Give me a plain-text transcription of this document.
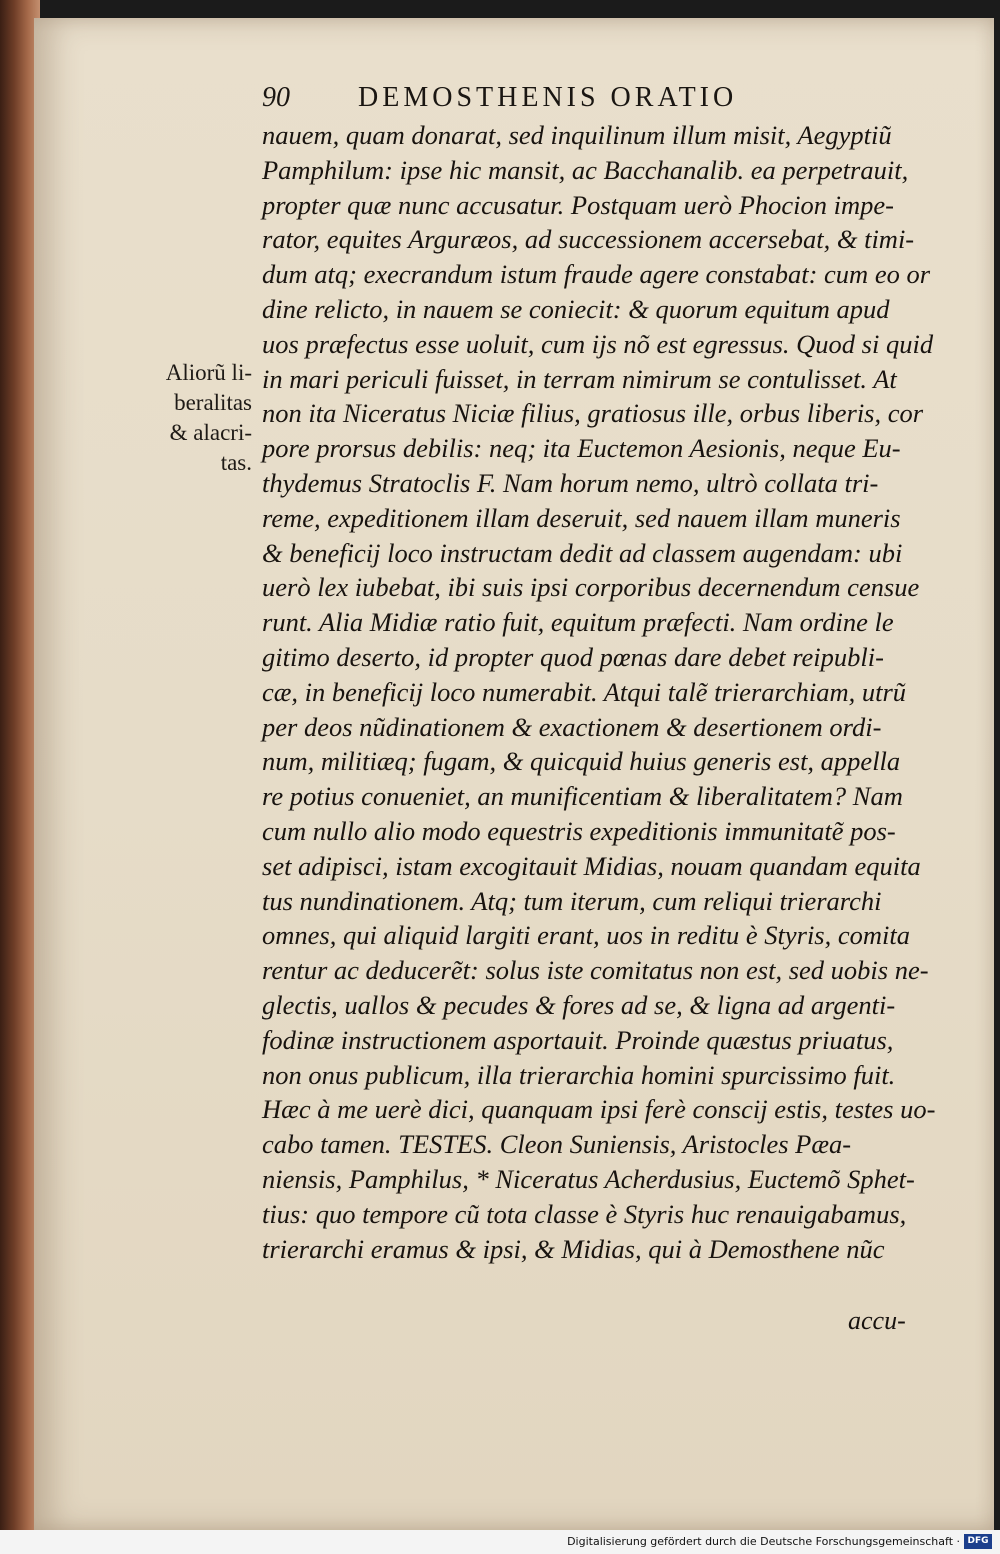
90 DEMOSTHENIS ORATIO
Aliorũ li-
beralitas
& alacri-
tas.
nauem, quam donarat, sed inquilinum illum misit, Aegyptiũ
Pamphilum: ipse hic mansit, ac Bacchanalib. ea perpetrauit,
propter quæ nunc accusatur. Postquam uerò Phocion impe-
rator, equites Arguræos, ad successionem accersebat, & timi-
dum atq; execrandum istum fraude agere constabat: cum eo or
dine relicto, in nauem se coniecit: & quorum equitum apud
uos præfectus esse uoluit, cum ijs nõ est egressus. Quod si quid
in mari periculi fuisset, in terram nimirum se contulisset. At
non ita Niceratus Niciæ filius, gratiosus ille, orbus liberis, cor
pore prorsus debilis: neq; ita Euctemon Aesionis, neque Eu-
thydemus Stratoclis F. Nam horum nemo, ultrò collata tri-
reme, expeditionem illam deseruit, sed nauem illam muneris
& beneficij loco instructam dedit ad classem augendam: ubi
uerò lex iubebat, ibi suis ipsi corporibus decernendum censue
runt. Alia Midiæ ratio fuit, equitum præfecti. Nam ordine le
gitimo deserto, id propter quod pœnas dare debet reipubli-
cæ, in beneficij loco numerabit. Atqui talẽ trierarchiam, utrũ
per deos nũdinationem & exactionem & desertionem ordi-
num, militiæq; fugam, & quicquid huius generis est, appella
re potius conueniet, an munificentiam & liberalitatem? Nam
cum nullo alio modo equestris expeditionis immunitatẽ pos-
set adipisci, istam excogitauit Midias, nouam quandam equita
tus nundinationem. Atq; tum iterum, cum reliqui trierarchi
omnes, qui aliquid largiti erant, uos in reditu è Styris, comita
rentur ac deducerẽt: solus iste comitatus non est, sed uobis ne-
glectis, uallos & pecudes & fores ad se, & ligna ad argenti-
fodinæ instructionem asportauit. Proinde quæstus priuatus,
non onus publicum, illa trierarchia homini spurcissimo fuit.
Hæc à me uerè dici, quanquam ipsi ferè conscij estis, testes uo-
cabo tamen. TESTES. Cleon Suniensis, Aristocles Pæa-
niensis, Pamphilus, * Niceratus Acherdusius, Euctemõ Sphet-
tius: quo tempore cũ tota classe è Styris huc renauigabamus,
trierarchi eramus & ipsi, & Midias, qui à Demosthene nũc
accu-
Digitalisierung gefördert durch die Deutsche Forschungsgemeinschaft · DFG
